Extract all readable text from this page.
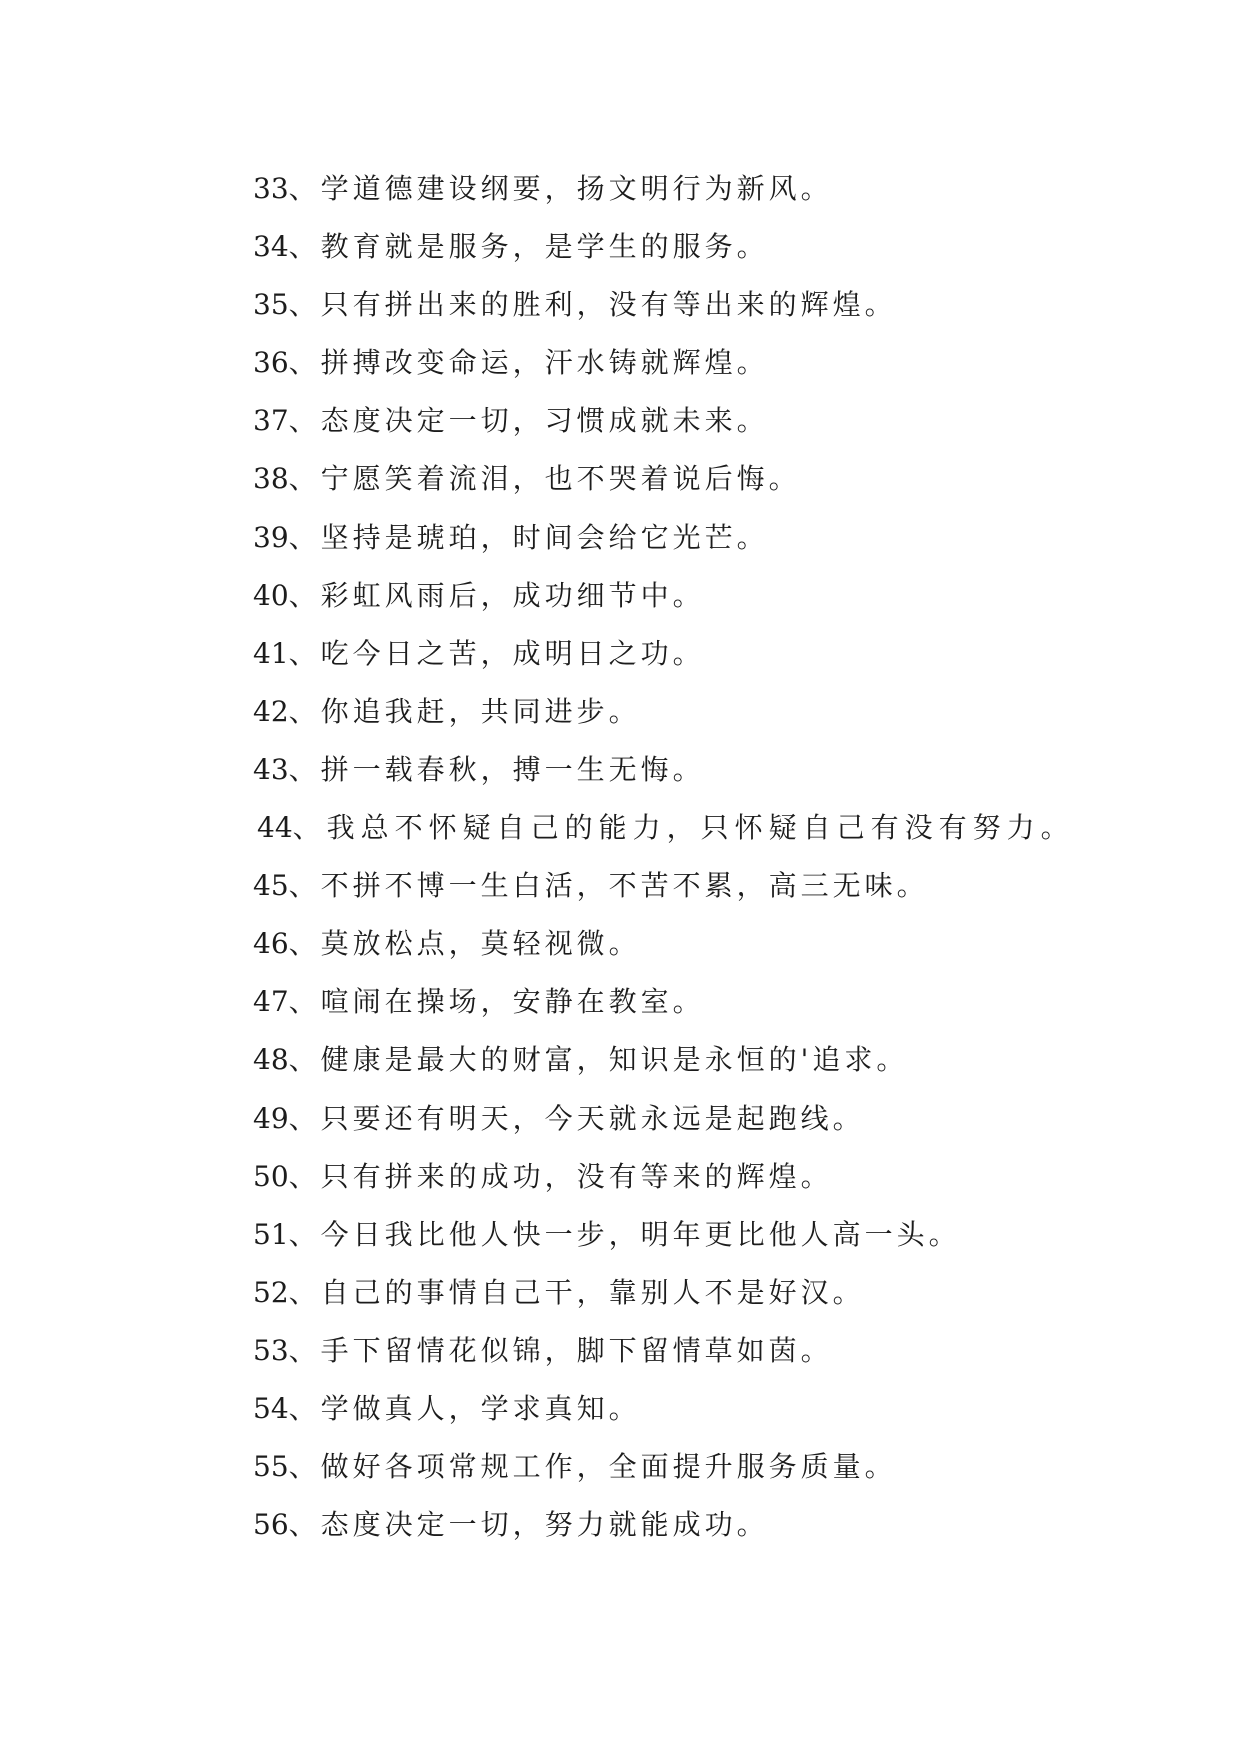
33、学道德建设纲要，扬文明行为新风。
34、教育就是服务，是学生的服务。
35、只有拼出来的胜利，没有等出来的辉煌。
36、拼搏改变命运，汗水铸就辉煌。
37、态度决定一切，习惯成就未来。
38、宁愿笑着流泪，也不哭着说后悔。
39、坚持是琥珀，时间会给它光芒。
40、彩虹风雨后，成功细节中。
41、吃今日之苦，成明日之功。
42、你追我赶，共同进步。
43、拼一载春秋，搏一生无悔。
44、我总不怀疑自己的能力，只怀疑自己有没有努力。
45、不拼不博一生白活，不苦不累，高三无味。
46、莫放松点，莫轻视微。
47、喧闹在操场，安静在教室。
48、健康是最大的财富，知识是永恒的'追求。
49、只要还有明天，今天就永远是起跑线。
50、只有拼来的成功，没有等来的辉煌。
51、今日我比他人快一步，明年更比他人高一头。
52、自己的事情自己干，靠别人不是好汉。
53、手下留情花似锦，脚下留情草如茵。
54、学做真人，学求真知。
55、做好各项常规工作，全面提升服务质量。
56、态度决定一切，努力就能成功。
